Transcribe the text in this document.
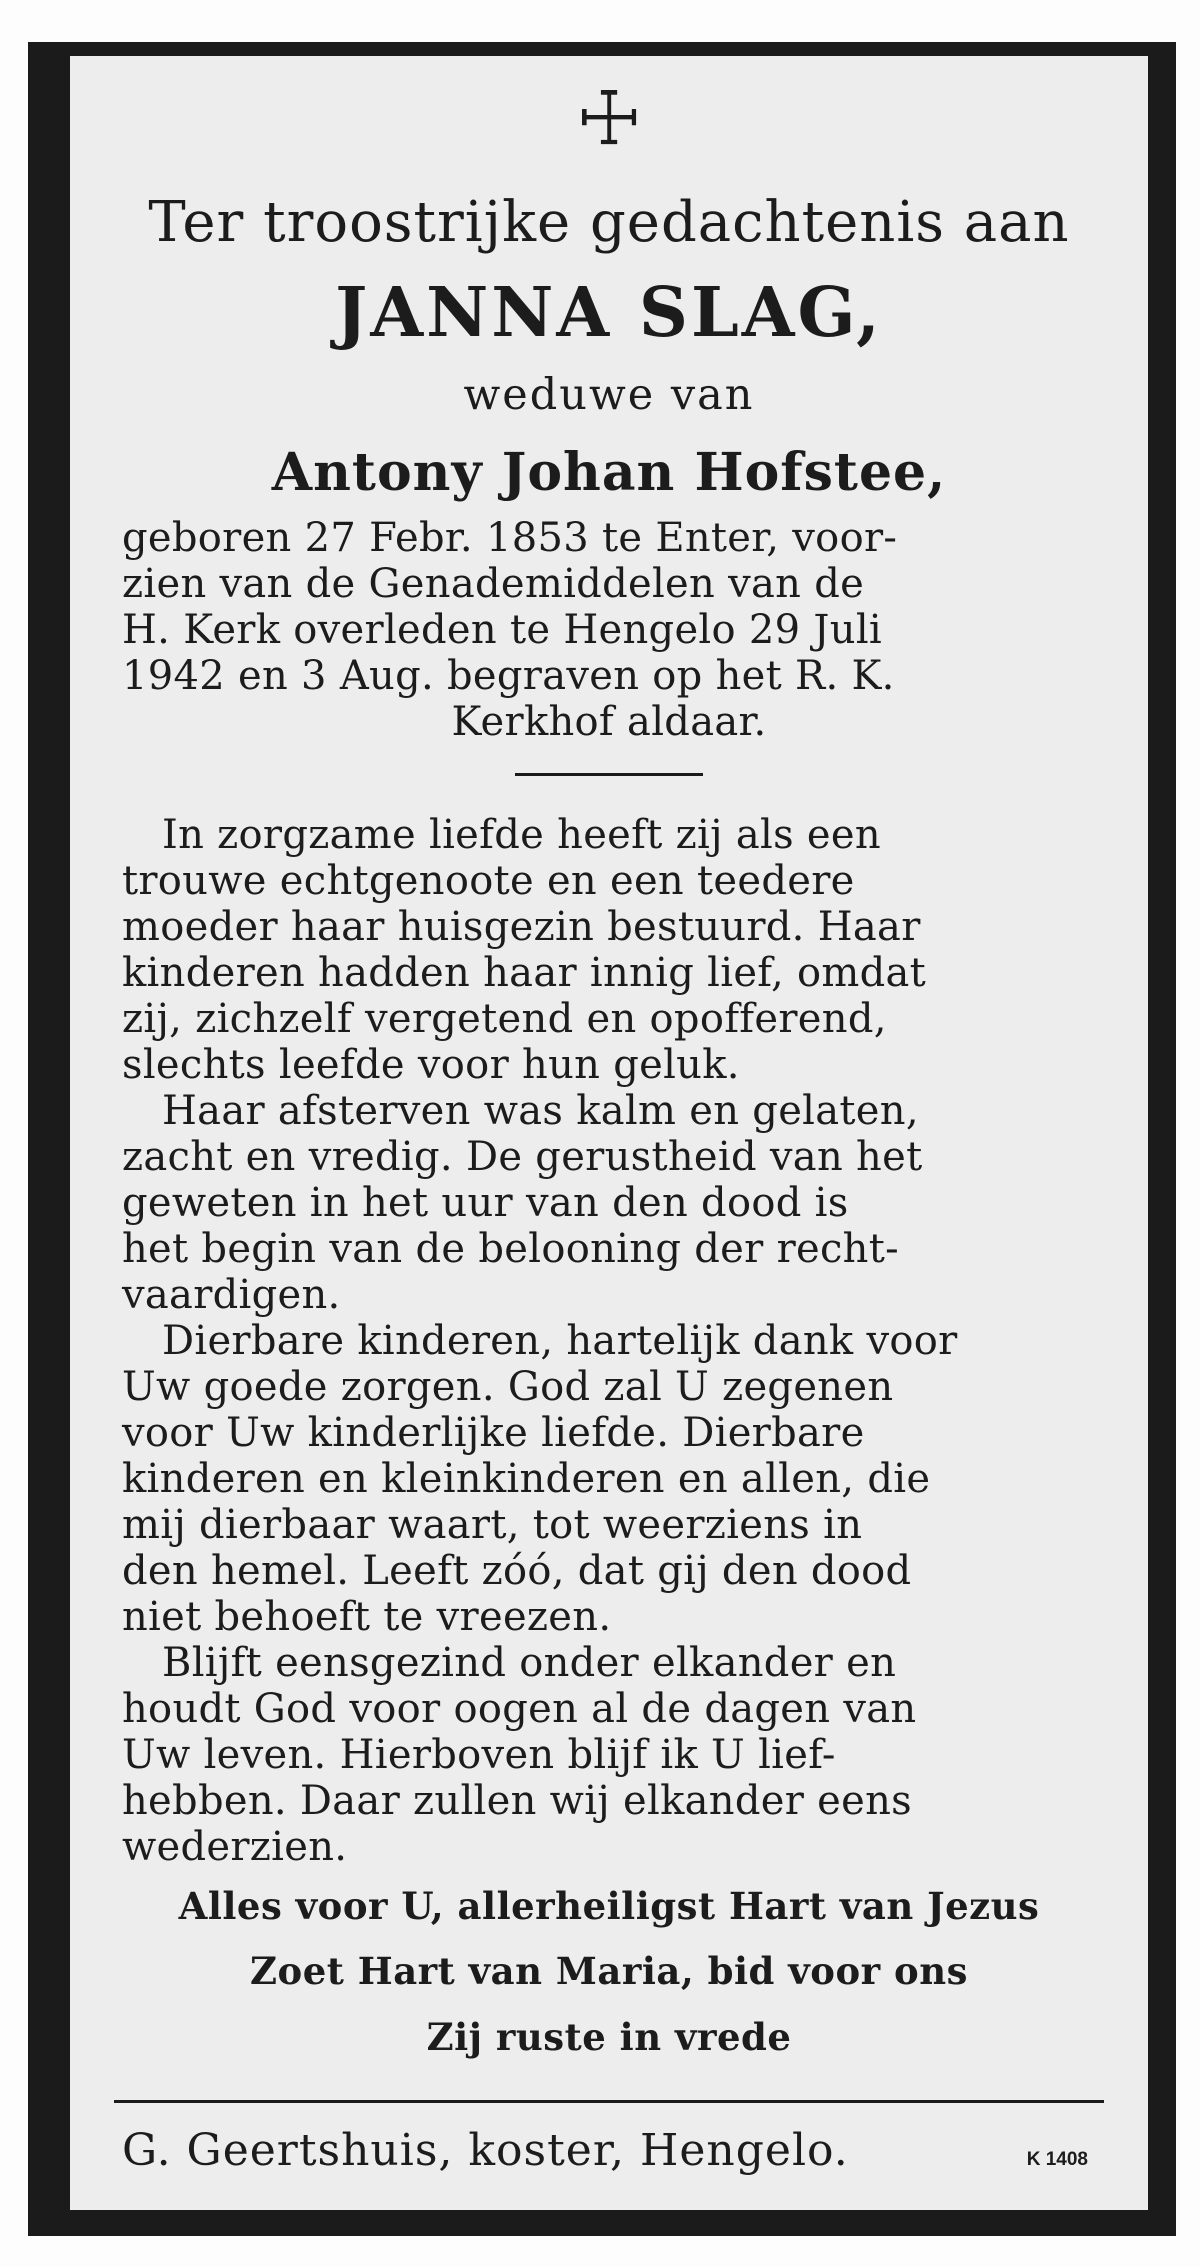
☩
Ter troostrijke gedachtenis aan
JANNA SLAG,
weduwe van
Antony Johan Hofstee,
geboren 27 Febr. 1853 te Enter, voor-
zien van de Genademiddelen van de
H. Kerk overleden te Hengelo 29 Juli
1942 en 3 Aug. begraven op het R. K.
Kerkhof aldaar.
In zorgzame liefde heeft zij als een
trouwe echtgenoote en een teedere
moeder haar huisgezin bestuurd. Haar
kinderen hadden haar innig lief, omdat
zij, zichzelf vergetend en opofferend,
slechts leefde voor hun geluk.
Haar afsterven was kalm en gelaten,
zacht en vredig. De gerustheid van het
geweten in het uur van den dood is
het begin van de belooning der recht-
vaardigen.
Dierbare kinderen, hartelijk dank voor
Uw goede zorgen. God zal U zegenen
voor Uw kinderlijke liefde. Dierbare
kinderen en kleinkinderen en allen, die
mij dierbaar waart, tot weerziens in
den hemel. Leeft zóó, dat gij den dood
niet behoeft te vreezen.
Blijft eensgezind onder elkander en
houdt God voor oogen al de dagen van
Uw leven. Hierboven blijf ik U lief-
hebben. Daar zullen wij elkander eens
wederzien.
Alles voor U, allerheiligst Hart van Jezus
Zoet Hart van Maria, bid voor ons
Zij ruste in vrede
G. Geertshuis, koster, Hengelo.	K 1408
